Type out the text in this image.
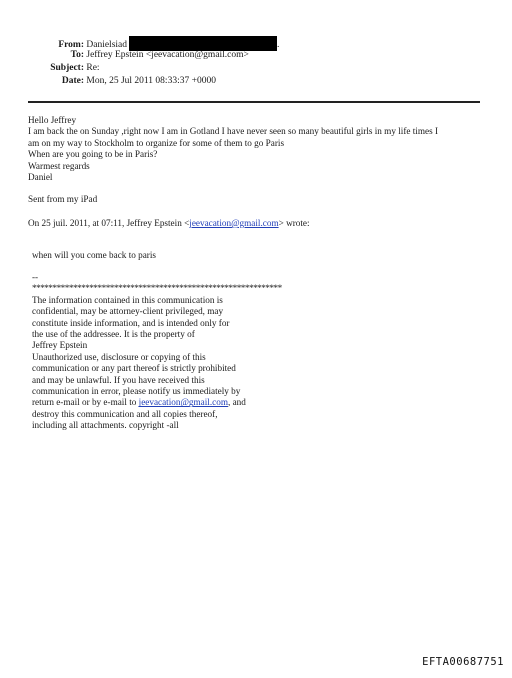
From: Danielsiad	.
To: Jeffrey Epstein <jeevacation@gmail.com>
Subject: Re:
Date: Mon, 25 Jul 2011 08:33:37 +0000
Hello Jeffrey
I am back the on Sunday ,right now I am in Gotland I have never seen so many beautiful girls in my life times I
am on my way to Stockholm to organize for some of them to go Paris
When are you going to be in Paris?
Warmest regards
Daniel
Sent from my iPad
On 25 juil. 2011, at 07:11, Jeffrey Epstein <jeevacation@gmail.com> wrote:
when will you come back to paris
--
*************************************************************
The information contained in this communication is
confidential, may be attorney-client privileged, may
constitute inside information, and is intended only for
the use of the addressee. It is the property of
Jeffrey Epstein
Unauthorized use, disclosure or copying of this
communication or any part thereof is strictly prohibited
and may be unlawful. If you have received this
communication in error, please notify us immediately by
return e-mail or by e-mail to jeevacation@gmail.com, and
destroy this communication and all copies thereof,
including all attachments. copyright -all
EFTA00687751
